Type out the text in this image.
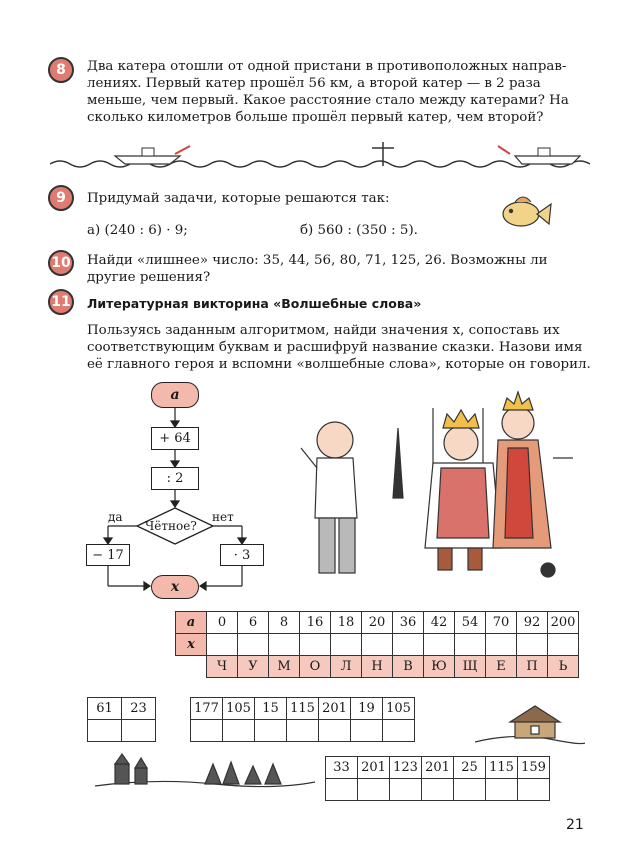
8	Два катера отошли от одной пристани в противоположных направ-
лениях. Первый катер прошёл 56 км, а второй катер — в 2 раза
меньше, чем первый. Какое расстояние стало между катерами? На
сколько километров больше прошёл первый катер, чем второй?
9	Придумай задачи, которые решаются так:
а) (240 : 6) · 9;	б) 560 : (350 : 5).
10 Найди «лишнее» число: 35, 44, 56, 80, 71, 125, 26. Возможны ли
другие решения?
11 Литературная викторина «Волшебные слова»
Пользуясь заданным алгоритмом, найди значения x, сопоставь их
соответствующим буквам и расшифруй название сказки. Назови имя
её главного героя и вспомни «волшебные слова», которые он говорил.
a
+ 64
: 2
Чётное?
да	нет
− 17	· 3
x
a	0	6	8	16	18	20	36	42	54	70	92	200
x												
	Ч	У	М	О	Л	Н	В	Ю	Щ	Е	П	Ь
61	23
		177	105	15	115	201	19	105

33	201	123	201	25	115	159

21
